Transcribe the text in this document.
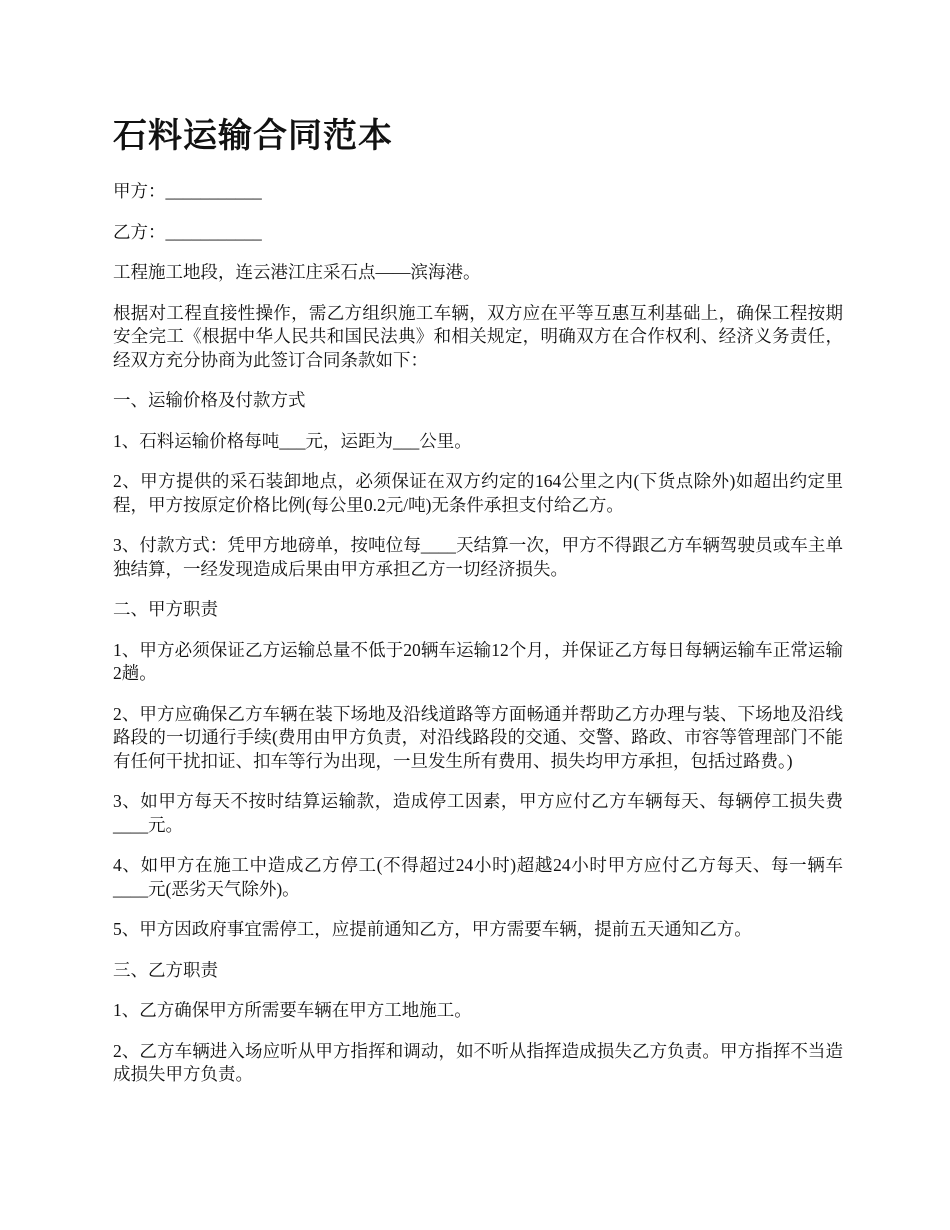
石料运输合同范本

甲方：___________

乙方：___________

工程施工地段，连云港江庄采石点——滨海港。

根据对工程直接性操作，需乙方组织施工车辆，双方应在平等互惠互利基础上，确保工程按期安全完工《根据中华人民共和国民法典》和相关规定，明确双方在合作权利、经济义务责任，经双方充分协商为此签订合同条款如下：

一、运输价格及付款方式

1、石料运输价格每吨___元，运距为___公里。

2、甲方提供的采石装卸地点，必须保证在双方约定的164公里之内(下货点除外)如超出约定里程，甲方按原定价格比例(每公里0.2元/吨)无条件承担支付给乙方。

3、付款方式：凭甲方地磅单，按吨位每____天结算一次，甲方不得跟乙方车辆驾驶员或车主单独结算，一经发现造成后果由甲方承担乙方一切经济损失。

二、甲方职责

1、甲方必须保证乙方运输总量不低于20辆车运输12个月，并保证乙方每日每辆运输车正常运输2趟。

2、甲方应确保乙方车辆在装下场地及沿线道路等方面畅通并帮助乙方办理与装、下场地及沿线路段的一切通行手续(费用由甲方负责，对沿线路段的交通、交警、路政、市容等管理部门不能有任何干扰扣证、扣车等行为出现，一旦发生所有费用、损失均甲方承担，包括过路费。)

3、如甲方每天不按时结算运输款，造成停工因素，甲方应付乙方车辆每天、每辆停工损失费____元。

4、如甲方在施工中造成乙方停工(不得超过24小时)超越24小时甲方应付乙方每天、每一辆车____元(恶劣天气除外)。

5、甲方因政府事宜需停工，应提前通知乙方，甲方需要车辆，提前五天通知乙方。

三、乙方职责

1、乙方确保甲方所需要车辆在甲方工地施工。

2、乙方车辆进入场应听从甲方指挥和调动，如不听从指挥造成损失乙方负责。甲方指挥不当造成损失甲方负责。
